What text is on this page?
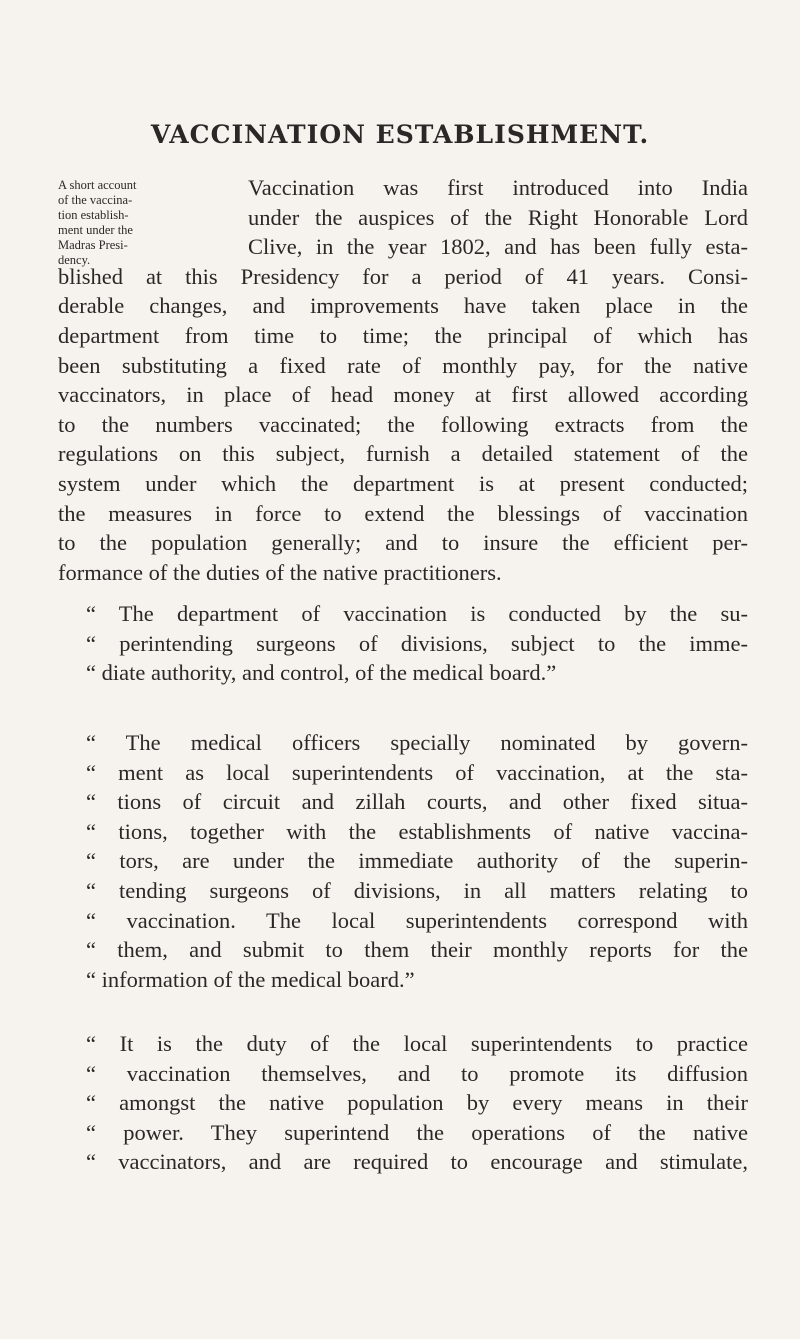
VACCINATION ESTABLISHMENT.
A short account
of the vaccina-
tion establish-
ment under the
Madras Presi-
dency.
Vaccination was first introduced into India
under the auspices of the Right Honorable Lord
Clive, in the year 1802, and has been fully esta-
blished at this Presidency for a period of 41 years. Consi-
derable changes, and improvements have taken place in the
department from time to time; the principal of which has
been substituting a fixed rate of monthly pay, for the native
vaccinators, in place of head money at first allowed according
to the numbers vaccinated; the following extracts from the
regulations on this subject, furnish a detailed statement of the
system under which the department is at present conducted;
the measures in force to extend the blessings of vaccination
to the population generally; and to insure the efficient per-
formance of the duties of the native practitioners.
“ The department of vaccination is conducted by the su-
“ perintending surgeons of divisions, subject to the imme-
“ diate authority, and control, of the medical board.”
“ The medical officers specially nominated by govern-
“ ment as local superintendents of vaccination, at the sta-
“ tions of circuit and zillah courts, and other fixed situa-
“ tions, together with the establishments of native vaccina-
“ tors, are under the immediate authority of the superin-
“ tending surgeons of divisions, in all matters relating to
“ vaccination. The local superintendents correspond with
“ them, and submit to them their monthly reports for the
“ information of the medical board.”
“ It is the duty of the local superintendents to practice
“ vaccination themselves, and to promote its diffusion
“ amongst the native population by every means in their
“ power. They superintend the operations of the native
“ vaccinators, and are required to encourage and stimulate,
